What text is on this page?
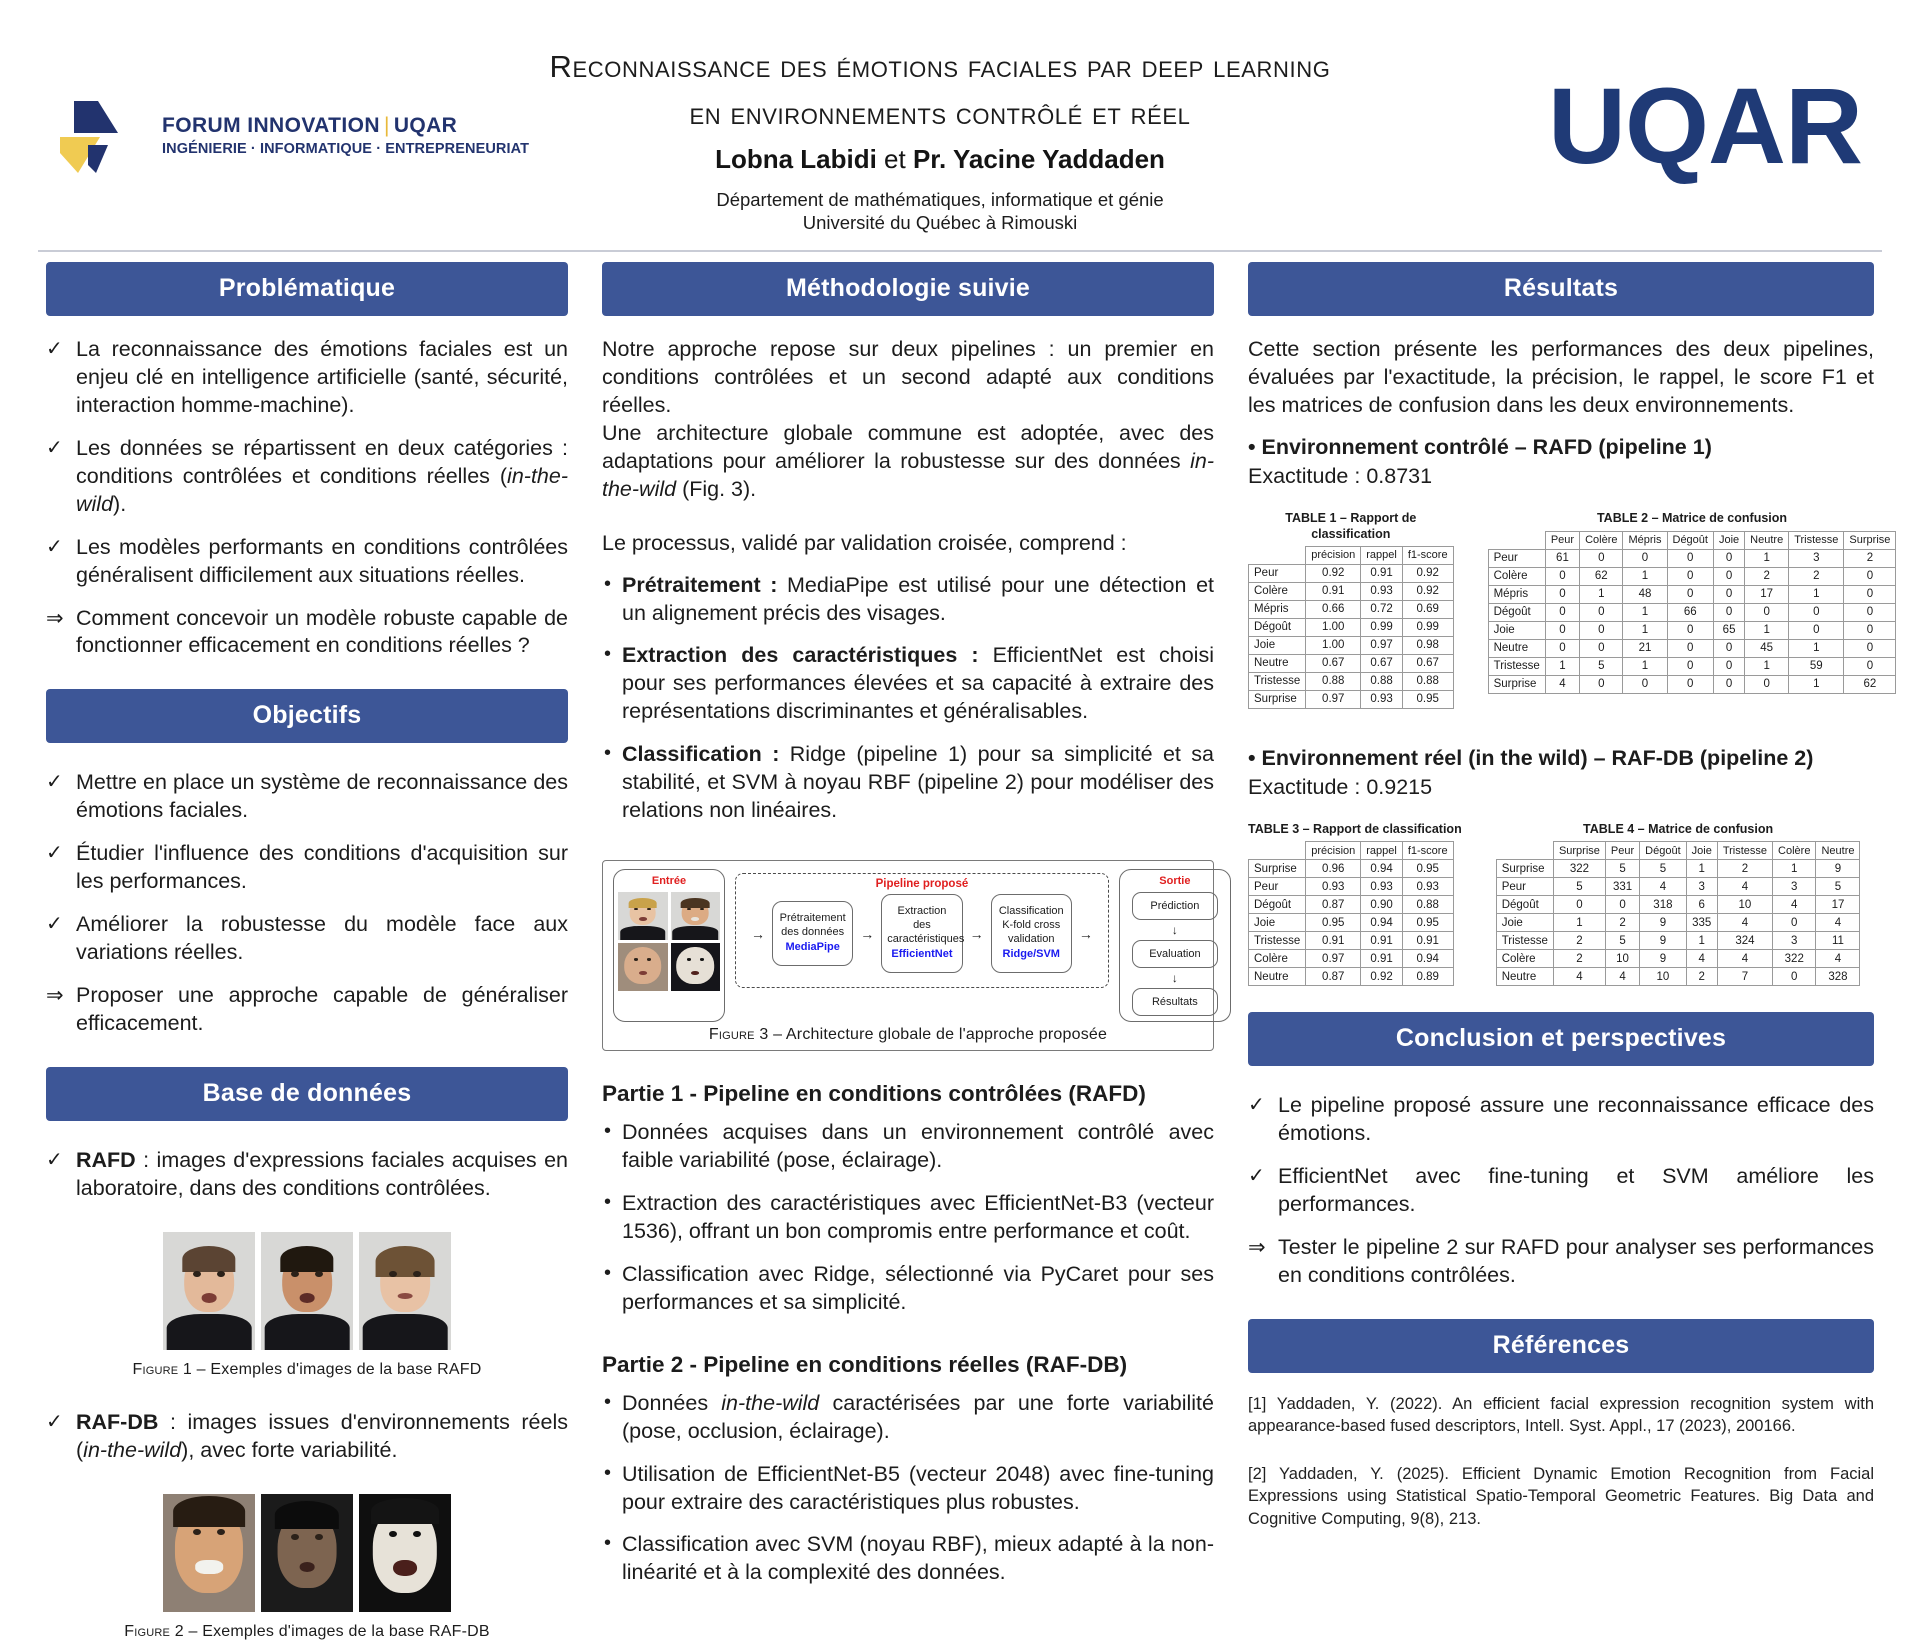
FORUM INNOVATION | UQAR
INGÉNIERIE · INFORMATIQUE · ENTREPRENEURIAT
Reconnaissance des émotions faciales par deep learning
en environnements contrôlé et réel
Lobna Labidi et Pr. Yacine Yaddaden
Département de mathématiques, informatique et génie
Université du Québec à Rimouski
UQAR
Problématique
✓ La reconnaissance des émotions faciales est un enjeu clé en intelligence artificielle (santé, sécurité, interaction homme-machine).
✓ Les données se répartissent en deux catégories : conditions contrôlées et conditions réelles (in-the-wild).
✓ Les modèles performants en conditions contrôlées généralisent difficilement aux situations réelles.
⇒ Comment concevoir un modèle robuste capable de fonctionner efficacement en conditions réelles ?
Objectifs
✓ Mettre en place un système de reconnaissance des émotions faciales.
✓ Étudier l'influence des conditions d'acquisition sur les performances.
✓ Améliorer la robustesse du modèle face aux variations réelles.
⇒ Proposer une approche capable de généraliser efficacement.
Base de données
✓ RAFD : images d'expressions faciales acquises en laboratoire, dans des conditions contrôlées.
Figure 1 – Exemples d'images de la base RAFD
✓ RAF-DB : images issues d'environnements réels (in-the-wild), avec forte variabilité.
Figure 2 – Exemples d'images de la base RAF-DB
Méthodologie suivie

Notre approche repose sur deux pipelines : un premier en conditions contrôlées et un second adapté aux conditions réelles.

Une architecture globale commune est adoptée, avec des adaptations pour améliorer la robustesse sur des données in-the-wild (Fig. 3).

Le processus, validé par validation croisée, comprend :

• Prétraitement : MediaPipe est utilisé pour une détection et un alignement précis des visages.
• Extraction des caractéristiques : EfficientNet est choisi pour ses performances élevées et sa capacité à extraire des représentations discriminantes et généralisables.
• Classification : Ridge (pipeline 1) pour sa simplicité et sa stabilité, et SVM à noyau RBF (pipeline 2) pour modéliser des relations non linéaires.
Entrée	Pipeline proposé
→
Prétraitement des données
MediaPipe
→
Extraction des caractéristiques
EfficientNet
→
Classification K-fold cross validation
Ridge/SVM
→
Sortie
Prédiction
↓
Evaluation
↓
Résultats
Figure 3 – Architecture globale de l'approche proposée
Partie 1 - Pipeline en conditions contrôlées (RAFD)
• Données acquises dans un environnement contrôlé avec faible variabilité (pose, éclairage).
• Extraction des caractéristiques avec EfficientNet-B3 (vecteur 1536), offrant un bon compromis entre performance et coût.
• Classification avec Ridge, sélectionné via PyCaret pour ses performances et sa simplicité.
Partie 2 - Pipeline en conditions réelles (RAF-DB)
• Données in-the-wild caractérisées par une forte variabilité (pose, occlusion, éclairage).
• Utilisation de EfficientNet-B5 (vecteur 2048) avec fine-tuning pour extraire des caractéristiques plus robustes.
• Classification avec SVM (noyau RBF), mieux adapté à la non-linéarité et à la complexité des données.
Résultats

Cette section présente les performances des deux pipelines, évaluées par l'exactitude, la précision, le rappel, le score F1 et les matrices de confusion dans les deux environnements.

• Environnement contrôlé – RAFD (pipeline 1)
Exactitude : 0.8731
TABLE 1 – Rapport de classification
	précision	rappel	f1-score
Peur	0.92	0.91	0.92
Colère	0.91	0.93	0.92
Mépris	0.66	0.72	0.69
Dégoût	1.00	0.99	0.99
Joie	1.00	0.97	0.98
Neutre	0.67	0.67	0.67
Tristesse	0.88	0.88	0.88
Surprise	0.97	0.93	0.95
TABLE 2 – Matrice de confusion
	Peur	Colère	Mépris	Dégoût	Joie	Neutre	Tristesse	Surprise
Peur	61	0	0	0	0	1	3	2
Colère	0	62	1	0	0	2	2	0
Mépris	0	1	48	0	0	17	1	0
Dégoût	0	0	1	66	0	0	0	0
Joie	0	0	1	0	65	1	0	0
Neutre	0	0	21	0	0	45	1	0
Tristesse	1	5	1	0	0	1	59	0
Surprise	4	0	0	0	0	0	1	62
• Environnement réel (in the wild) – RAF-DB (pipeline 2)
Exactitude : 0.9215
TABLE 3 – Rapport de classification
	précision	rappel	f1-score
Surprise	0.96	0.94	0.95
Peur	0.93	0.93	0.93
Dégoût	0.87	0.90	0.88
Joie	0.95	0.94	0.95
Tristesse	0.91	0.91	0.91
Colère	0.97	0.91	0.94
Neutre	0.87	0.92	0.89
TABLE 4 – Matrice de confusion
	Surprise	Peur	Dégoût	Joie	Tristesse	Colère	Neutre
Surprise	322	5	5	1	2	1	9
Peur	5	331	4	3	4	3	5
Dégoût	0	0	318	6	10	4	17
Joie	1	2	9	335	4	0	4
Tristesse	2	5	9	1	324	3	11
Colère	2	10	9	4	4	322	4
Neutre	4	4	10	2	7	0	328
Conclusion et perspectives
✓ Le pipeline proposé assure une reconnaissance efficace des émotions.
✓ EfficientNet avec fine-tuning et SVM améliore les performances.
⇒ Tester le pipeline 2 sur RAFD pour analyser ses performances en conditions contrôlées.
Références

[1] Yaddaden, Y. (2022). An efficient facial expression recognition system with appearance-based fused descriptors, Intell. Syst. Appl., 17 (2023), 200166.

[2] Yaddaden, Y. (2025). Efficient Dynamic Emotion Recognition from Facial Expressions using Statistical Spatio-Temporal Geometric Features. Big Data and Cognitive Computing, 9(8), 213.
